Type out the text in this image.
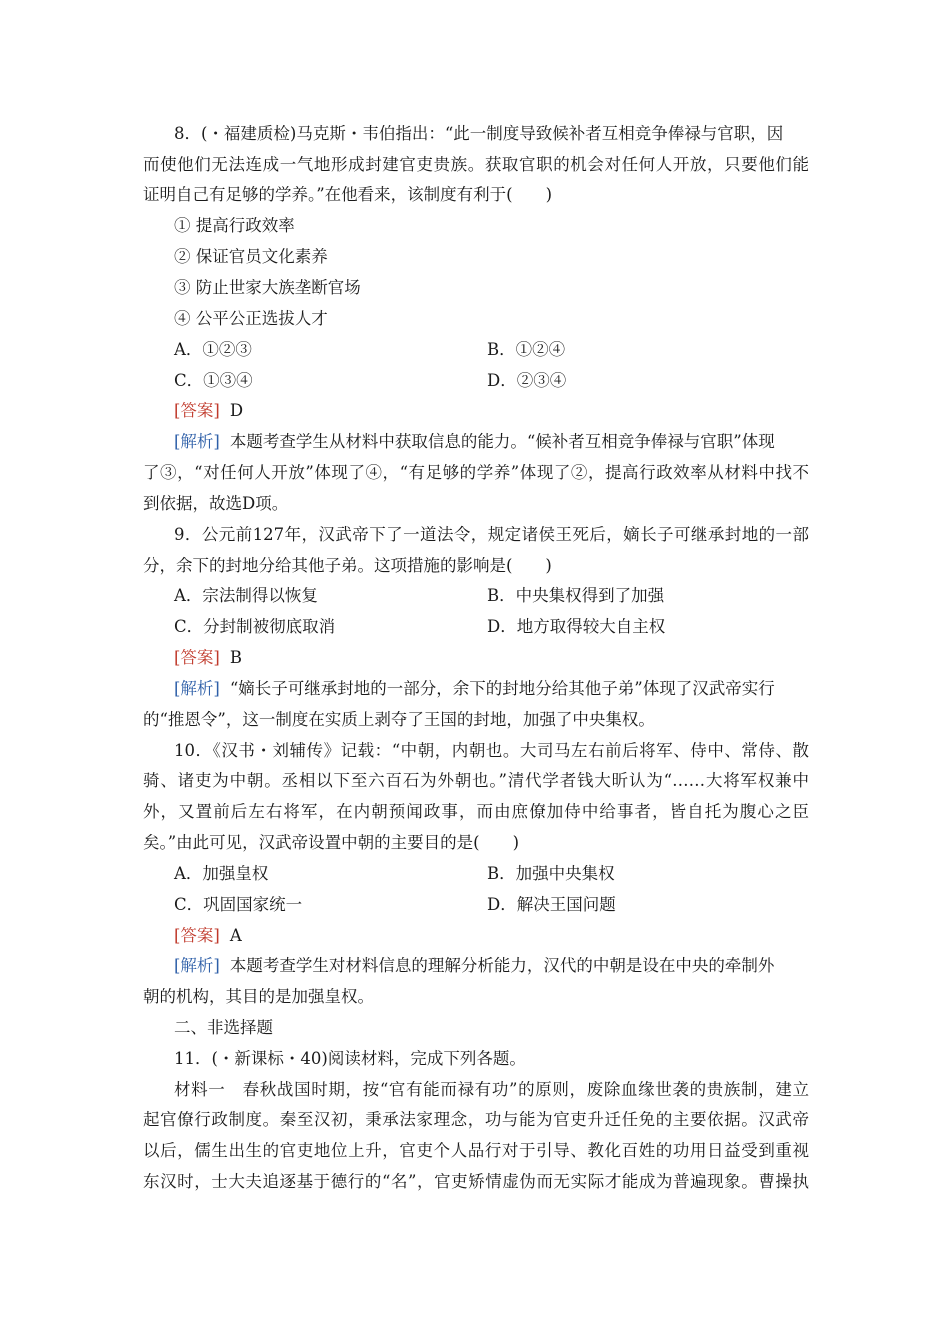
8．(・福建质检)马克斯・韦伯指出：“此一制度导致候补者互相竞争俸禄与官职，因
而使他们无法连成一气地形成封建官吏贵族。获取官职的机会对任何人开放，只要他们能
证明自己有足够的学养。”在他看来，该制度有利于(　　)
① 提高行政效率
② 保证官员文化素养
③ 防止世家大族垄断官场
④ 公平公正选拔人才
A．①②③	B．①②④
C．①③④	D．②③④
[答案] D
[解析] 本题考查学生从材料中获取信息的能力。“候补者互相竞争俸禄与官职”体现
了③，“对任何人开放”体现了④，“有足够的学养”体现了②，提高行政效率从材料中找不
到依据，故选D项。
9．公元前127年，汉武帝下了一道法令，规定诸侯王死后，嫡长子可继承封地的一部
分，余下的封地分给其他子弟。这项措施的影响是(　　)
A．宗法制得以恢复	B．中央集权得到了加强
C．分封制被彻底取消	D．地方取得较大自主权
[答案] B
[解析] “嫡长子可继承封地的一部分，余下的封地分给其他子弟”体现了汉武帝实行
的“推恩令”，这一制度在实质上剥夺了王国的封地，加强了中央集权。
10．《汉书・刘辅传》记载：“中朝，内朝也。大司马左右前后将军、侍中、常侍、散
骑、诸吏为中朝。丞相以下至六百石为外朝也。”清代学者钱大昕认为“……大将军权兼中
外，又置前后左右将军，在内朝预闻政事，而由庶僚加侍中给事者，皆自托为腹心之臣
矣。”由此可见，汉武帝设置中朝的主要目的是(　　)
A．加强皇权	B．加强中央集权
C．巩固国家统一	D．解决王国问题
[答案] A
[解析] 本题考查学生对材料信息的理解分析能力，汉代的中朝是设在中央的牵制外
朝的机构，其目的是加强皇权。
二、非选择题
11．(・新课标・40)阅读材料，完成下列各题。
材料一　春秋战国时期，按“官有能而禄有功”的原则，废除血缘世袭的贵族制，建立
起官僚行政制度。秦至汉初，秉承法家理念，功与能为官吏升迁任免的主要依据。汉武帝
以后，儒生出生的官吏地位上升，官吏个人品行对于引导、教化百姓的功用日益受到重视
东汉时，士大夫追逐基于德行的“名”，官吏矫情虚伪而无实际才能成为普遍现象。曹操执
